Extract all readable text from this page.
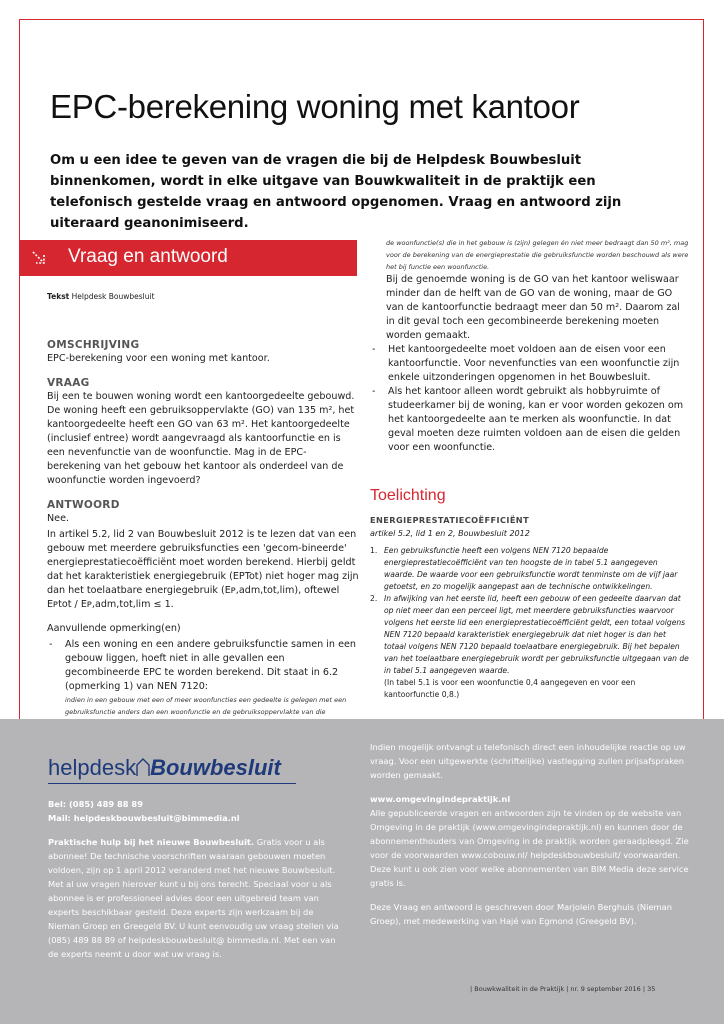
EPC-berekening woning met kantoor

Om u een idee te geven van de vragen die bij de Helpdesk Bouwbesluit binnenkomen, wordt in elke uitgave van Bouwkwaliteit in de praktijk een telefonisch gestelde vraag en antwoord opgenomen. Vraag en antwoord zijn uiteraard geanonimiseerd.

Vraag en antwoord
Tekst Helpdesk Bouwbesluit
OMSCHRIJVING
EPC-berekening voor een woning met kantoor.
VRAAG
Bij een te bouwen woning wordt een kantoorgedeelte gebouwd. De woning heeft een gebruiksoppervlakte (GO) van 135 m², het kantoorgedeelte heeft een GO van 63 m². Het kantoorgedeelte (inclusief entree) wordt aangevraagd als kantoorfunctie en is een nevenfunctie van de woonfunctie. Mag in de EPC-berekening van het gebouw het kantoor als onderdeel van de woonfunctie worden ingevoerd?
ANTWOORD
Nee.
In artikel 5.2, lid 2 van Bouwbesluit 2012 is te lezen dat van een gebouw met meerdere gebruiksfuncties een 'gecom-bineerde' energieprestatiecoëfficiënt moet worden berekend. Hierbij geldt dat het karakteristiek energiegebruik (EPTot) niet hoger mag zijn dan het toelaatbare energiegebruik (Eᴘ,adm,tot,lim), oftewel Eᴘtot / Eᴘ,adm,tot,lim ≤ 1.
Aanvullende opmerking(en)
- Als een woning en een andere gebruiksfunctie samen in een gebouw liggen, hoeft niet in alle gevallen een gecombineerde EPC te worden berekend. Dit staat in 6.2 (opmerking 1) van NEN 7120:
indien in een gebouw met een of meer woonfuncties een gedeelte is gelegen met een gebruiksfunctie anders dan een woonfunctie en de gebruiksoppervlakte van die
de woonfunctie(s) die in het gebouw is (zijn) gelegen én niet meer bedraagt dan 50 m², mag voor de berekening van de energieprestatie die gebruiksfunctie worden beschouwd als were het bij functie een woonfunctie.
Bij de genoemde woning is de GO van het kantoor weliswaar minder dan de helft van de GO van de woning, maar de GO van de kantoorfunctie bedraagt meer dan 50 m². Daarom zal in dit geval toch een gecombineerde berekening moeten worden gemaakt.
- Het kantoorgedeelte moet voldoen aan de eisen voor een kantoorfunctie. Voor nevenfuncties van een woonfunctie zijn enkele uitzonderingen opgenomen in het Bouwbesluit.
- Als het kantoor alleen wordt gebruikt als hobbyruimte of studeerkamer bij de woning, kan er voor worden gekozen om het kantoorgedeelte aan te merken als woonfunctie. In dat geval moeten deze ruimten voldoen aan de eisen die gelden voor een woonfunctie.
Toelichting
ENERGIEPRESTATIECOËFFICIËNT
artikel 5.2, lid 1 en 2, Bouwbesluit 2012
1. Een gebruiksfunctie heeft een volgens NEN 7120 bepaalde energieprestatiecoëfficiënt van ten hoogste de in tabel 5.1 aangegeven waarde. De waarde voor een gebruiksfunctie wordt tenminste om de vijf jaar getoetst, en zo mogelijk aangepast aan de technische ontwikkelingen.
2. In afwijking van het eerste lid, heeft een gebouw of een gedeelte daarvan dat op niet meer dan een perceel ligt, met meerdere gebruiksfuncties waarvoor volgens het eerste lid een energieprestatiecoëfficiënt geldt, een totaal volgens NEN 7120 bepaald karakteristiek energiegebruik dat niet hoger is dan het totaal volgens NEN 7120 bepaald toelaatbare energiegebruik. Bij het bepalen van het toelaatbare energiegebruik wordt per gebruiksfunctie uitgegaan van de in tabel 5.1 aangegeven waarde.
(In tabel 5.1 is voor een woonfunctie 0,4 aangegeven en voor een kantoorfunctie 0,8.)
helpdesk Bouwbesluit
Bel: (085) 489 88 89
Mail: helpdeskbouwbesluit@bimmedia.nl
Praktische hulp bij het nieuwe Bouwbesluit. Gratis voor u als abonnee! De technische voorschriften waaraan gebouwen moeten voldoen, zijn op 1 april 2012 veranderd met het nieuwe Bouwbesluit. Met al uw vragen hierover kunt u bij ons terecht. Speciaal voor u als abonnee is er professioneel advies door een uitgebreid team van experts beschikbaar gesteld. Deze experts zijn werkzaam bij de Nieman Groep en Greegeld BV. U kunt eenvoudig uw vraag stellen via (085) 489 88 89 of helpdeskbouwbesluit@ bimmedia.nl. Met een van de experts neemt u door wat uw vraag is.
Indien mogelijk ontvangt u telefonisch direct een inhoudelijke reactie op uw vraag. Voor een uitgewerkte (schriftelijke) vastlegging zullen prijsafspraken worden gemaakt.
www.omgevingindepraktijk.nl
Alle gepubliceerde vragen en antwoorden zijn te vinden op de website van Omgeving in de praktijk (www.omgevingindepraktijk.nl) en kunnen door de abonnementhouders van Omgeving in de praktijk worden geraadpleegd. Zie voor de voorwaarden www.cobouw.nl/ helpdeskbouwbesluit/ voorwaarden. Deze kunt u ook zien voor welke abonnementen van BIM Media deze service gratis is.
Deze Vraag en antwoord is geschreven door Marjolein Berghuis (Nieman Groep), met medewerking van Hajé van Egmond (Greegeld BV).
| Bouwkwaliteit in de Praktijk | nr. 9 september 2016 | 35
